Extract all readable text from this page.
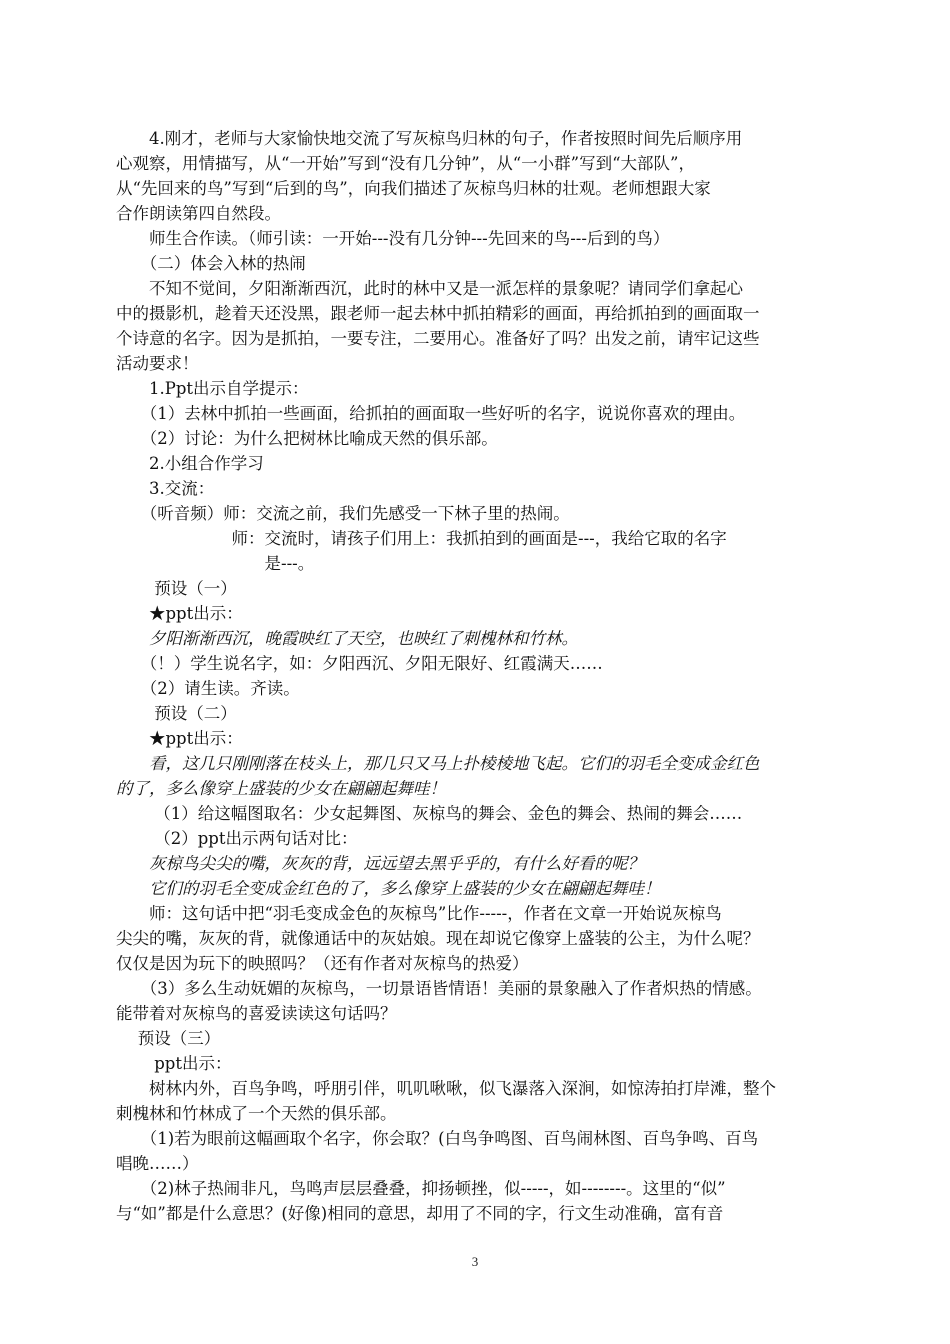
　　4.刚才，老师与大家愉快地交流了写灰椋鸟归林的句子，作者按照时间先后顺序用
心观察，用情描写，从“一开始”写到“没有几分钟”，从“一小群”写到“大部队”，
从“先回来的鸟”写到“后到的鸟”，向我们描述了灰椋鸟归林的壮观。老师想跟大家
合作朗读第四自然段。
　　师生合作读。（师引读：一开始---没有几分钟---先回来的鸟---后到的鸟）
　　（二）体会入林的热闹
　　不知不觉间，夕阳渐渐西沉，此时的林中又是一派怎样的景象呢？请同学们拿起心
中的摄影机，趁着天还没黑，跟老师一起去林中抓拍精彩的画面，再给抓拍到的画面取一
个诗意的名字。因为是抓拍，一要专注，二要用心。准备好了吗？出发之前，请牢记这些
活动要求！
　　1.Ppt出示自学提示：
　　（1）去林中抓拍一些画面，给抓拍的画面取一些好听的名字，说说你喜欢的理由。
　　（2）讨论：为什么把树林比喻成天然的俱乐部。
　　2.小组合作学习
　　3.交流：
　　（听音频）师：交流之前，我们先感受一下林子里的热闹。
　　　　　　　师：交流时，请孩子们用上：我抓拍到的画面是---，我给它取的名字
　　　　　　　　　是---。
　　 预设（一）
　　★ppt出示：
　　夕阳渐渐西沉，晚霞映红了天空，也映红了刺槐林和竹林。
　　（！）学生说名字，如：夕阳西沉、夕阳无限好、红霞满天……
　　（2）请生读。齐读。
　　 预设（二）
　　★ppt出示：
　　看，这几只刚刚落在枝头上，那几只又马上扑棱棱地飞起。它们的羽毛全变成金红色
的了，多么像穿上盛装的少女在翩翩起舞哇！
　　 （1）给这幅图取名：少女起舞图、灰椋鸟的舞会、金色的舞会、热闹的舞会……
　　 （2）ppt出示两句话对比：
　　灰椋鸟尖尖的嘴，灰灰的背，远远望去黑乎乎的，有什么好看的呢？
　　它们的羽毛全变成金红色的了，多么像穿上盛装的少女在翩翩起舞哇！
　　师：这句话中把“羽毛变成金色的灰椋鸟”比作-----，作者在文章一开始说灰椋鸟
尖尖的嘴，灰灰的背，就像通话中的灰姑娘。现在却说它像穿上盛装的公主，为什么呢？
仅仅是因为玩下的映照吗？（还有作者对灰椋鸟的热爱）
　　（3）多么生动妩媚的灰椋鸟，一切景语皆情语！美丽的景象融入了作者炽热的情感。
能带着对灰椋鸟的喜爱读读这句话吗？
　 预设（三）
　　 ppt出示：
　　树林内外，百鸟争鸣，呼朋引伴，叽叽啾啾，似飞瀑落入深涧，如惊涛拍打岸滩，整个
刺槐林和竹林成了一个天然的俱乐部。
　　（1)若为眼前这幅画取个名字，你会取？(白鸟争鸣图、百鸟闹林图、百鸟争鸣、百鸟
唱晚……）
　　（2)林子热闹非凡，鸟鸣声层层叠叠，抑扬顿挫，似-----，如--------。这里的“似”
与“如”都是什么意思？(好像)相同的意思，却用了不同的字，行文生动准确，富有音
3
